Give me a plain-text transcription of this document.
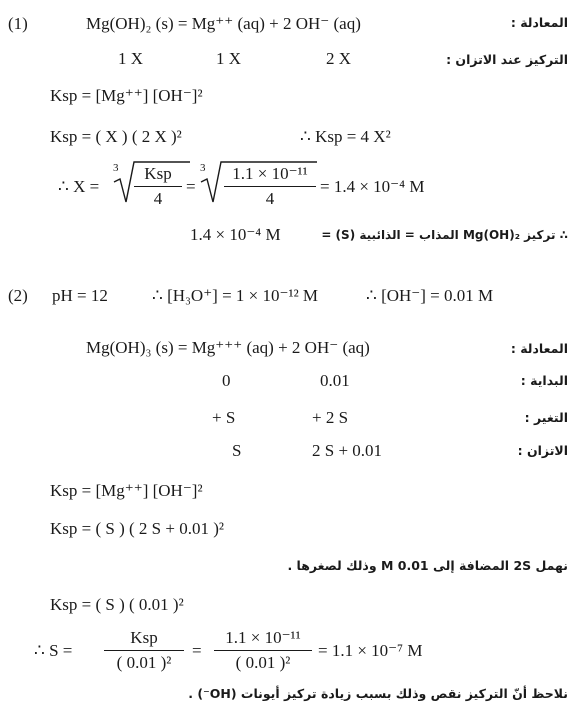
(1)	Mg(OH)₂ (s) = Mg⁺⁺ (aq) + 2 OH⁻ (aq)	المعادلة :
1 X	1 X	2 X	التركيز عند الاتزان :
Ksp = [Mg⁺⁺] [OH⁻]²
Ksp = ( X ) ( 2 X )²	∴ Ksp = 4 X²
∴ X =
3	Ksp
4
=
3	1.1 × 10⁻¹¹
4
= 1.4 × 10⁻⁴ M
1.4 × 10⁻⁴ M	∴ تركيز Mg(OH)₂ المذاب = الذائبية (S) =
(2) pH = 12	∴ [H₃O⁺] = 1 × 10⁻¹² M	∴ [OH⁻] = 0.01 M
Mg(OH)₃ (s) = Mg⁺⁺⁺ (aq) + 2 OH⁻ (aq)	المعادلة :
0	0.01	البداية :
+ S	+ 2 S	التغير :
S	2 S + 0.01	الاتزان :
Ksp = [Mg⁺⁺] [OH⁻]²
Ksp = ( S ) ( 2 S + 0.01 )²
نهمل 2S المضافة إلى 0.01 M وذلك لصغرها .
Ksp = ( S ) ( 0.01 )²
∴ S =
Ksp
( 0.01 )²
=
1.1 × 10⁻¹¹
( 0.01 )²
= 1.1 × 10⁻⁷ M
نلاحظ أنّ التركيز نقص وذلك بسبب زيادة تركيز أيونات (OH⁻) .
